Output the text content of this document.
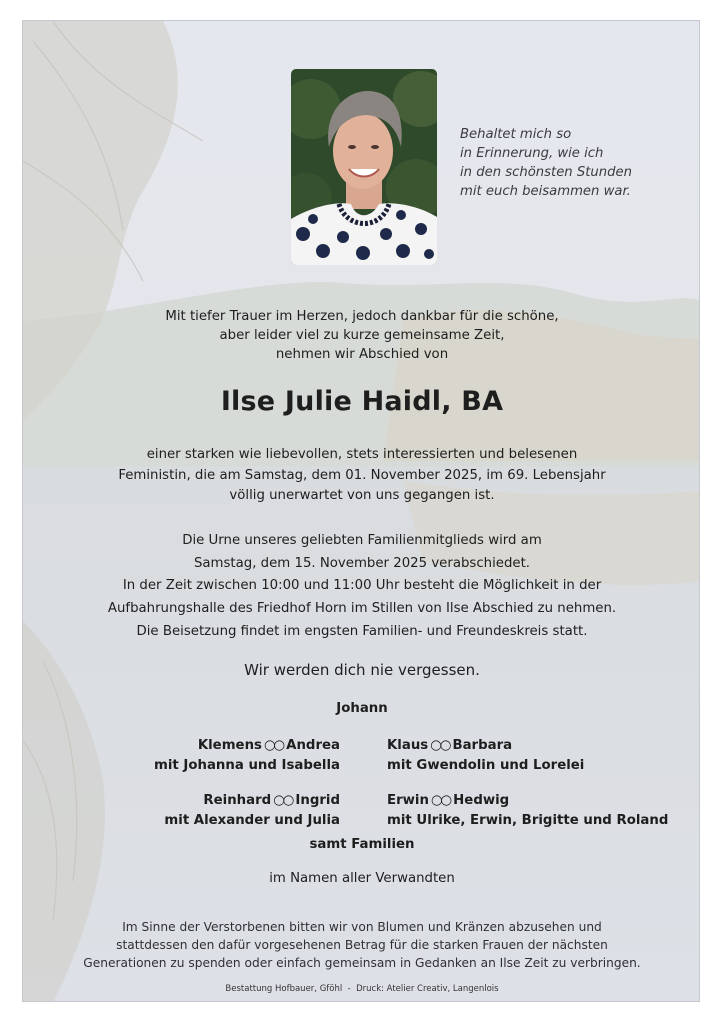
Behaltet mich so
in Erinnerung, wie ich
in den schönsten Stunden
mit euch beisammen war.
Mit tiefer Trauer im Herzen, jedoch dankbar für die schöne,
aber leider viel zu kurze gemeinsame Zeit,
nehmen wir Abschied von
Ilse Julie Haidl, BA
einer starken wie liebevollen, stets interessierten und belesenen
Feministin, die am Samstag, dem 01. November 2025, im 69. Lebensjahr
völlig unerwartet von uns gegangen ist.
Die Urne unseres geliebten Familienmitglieds wird am
Samstag, dem 15. November 2025 verabschiedet.
In der Zeit zwischen 10:00 und 11:00 Uhr besteht die Möglichkeit in der
Aufbahrungshalle des Friedhof Horn im Stillen von Ilse Abschied zu nehmen.
Die Beisetzung findet im engsten Familien- und Freundeskreis statt.
Wir werden dich nie vergessen.
Johann
Klemens ○○ Andrea
mit Johanna und Isabella
Klaus ○○ Barbara
mit Gwendolin und Lorelei
Reinhard ○○ Ingrid
mit Alexander und Julia
Erwin ○○ Hedwig
mit Ulrike, Erwin, Brigitte und Roland
samt Familien
im Namen aller Verwandten
Im Sinne der Verstorbenen bitten wir von Blumen und Kränzen abzusehen und
stattdessen den dafür vorgesehenen Betrag für die starken Frauen der nächsten
Generationen zu spenden oder einfach gemeinsam in Gedanken an Ilse Zeit zu verbringen.
Bestattung Hofbauer, Gföhl  -  Druck: Atelier Creativ, Langenlois
